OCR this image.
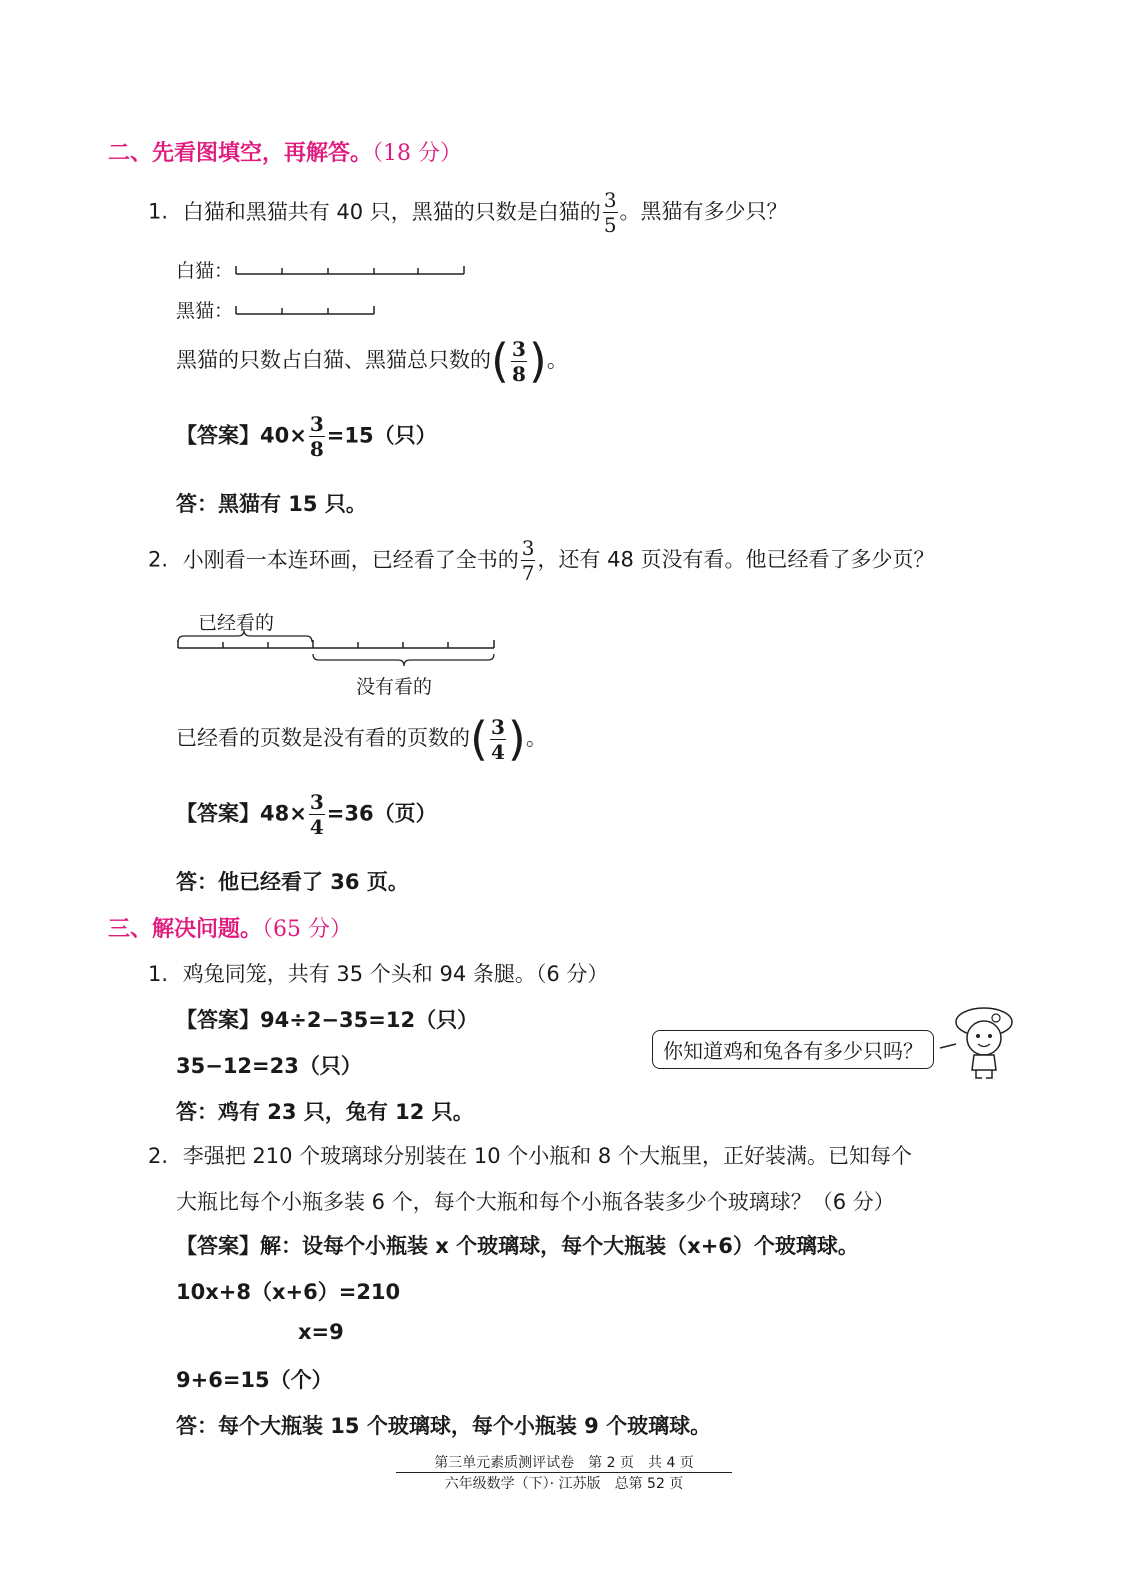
二、先看图填空，再解答。（18 分）
1. 白猫和黑猫共有 40 只，黑猫的只数是白猫的 $\frac{3}{5}$ 。黑猫有多少只？
白猫：
黑猫：
黑猫的只数占白猫、黑猫总只数的( $\frac{3}{8}$ )。
【答案】$40\times \frac{3}{8} =15$（只）
答：黑猫有 15 只。
2. 小刚看一本连环画，已经看了全书的 $\frac{3}{7}$ ，还有 48 页没有看。他已经看了多少页？
已经看的
没有看的
已经看的页数是没有看的页数的( $\frac{3}{4}$ )。
【答案】$48\times \frac{3}{4} =36$（页）
答：他已经看了 36 页。
三、解决问题。（65 分）
1. 鸡兔同笼，共有 35 个头和 94 条腿。（6 分）
【答案】94÷2−35=12（只）
35−12=23（只）
答：鸡有 23 只，兔有 12 只。
你知道鸡和兔各有多少只吗？
2. 李强把 210 个玻璃球分别装在 10 个小瓶和 8 个大瓶里，正好装满。已知每个
大瓶比每个小瓶多装 6 个，每个大瓶和每个小瓶各装多少个玻璃球？（6 分）
【答案】解：设每个小瓶装 x 个玻璃球，每个大瓶装（x+6）个玻璃球。
10x+8（x+6）=210
x=9
9+6=15（个）
答：每个大瓶装 15 个玻璃球，每个小瓶装 9 个玻璃球。
第三单元素质测评试卷　第 2 页　共 4 页
六年级数学（下）· 江苏版　总第 52 页
